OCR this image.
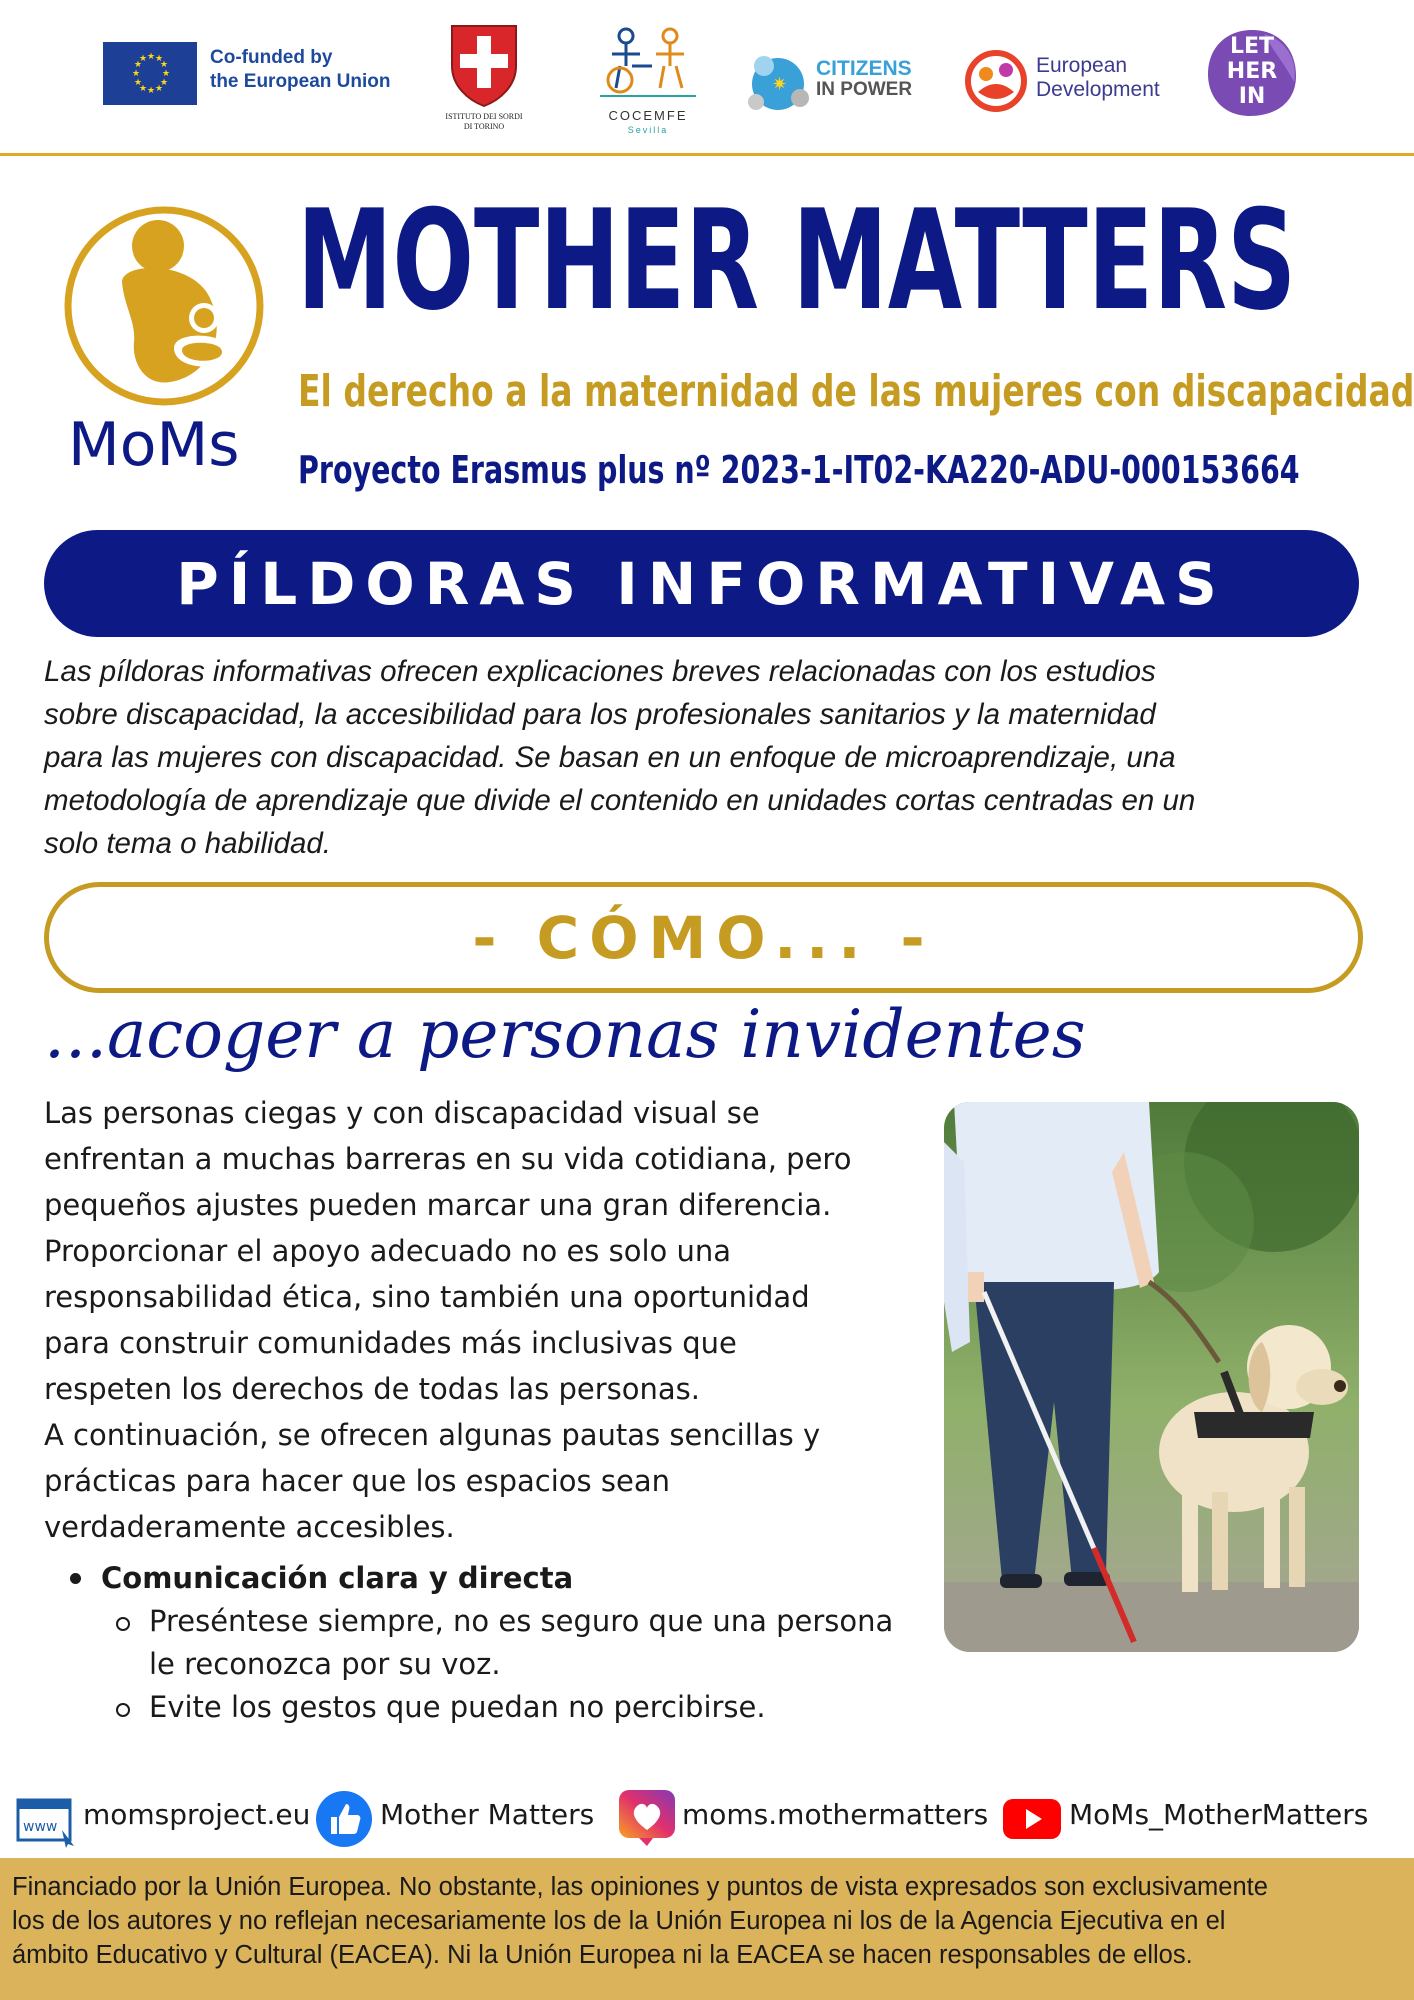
★ ★
★
★
★
★
★
★
★
★
★
★	Co-funded by
the European Union
ISTITUTO DEI SORDI
DI TORINO
COCEMFE
Sevilla
✷
CITIZENS
IN POWER
European
Development
LET
HER
IN
MoMs
MOTHER MATTERS
El derecho a la maternidad de las mujeres con discapacidad
Proyecto Erasmus plus nº 2023-1-IT02-KA220-ADU-000153664
PÍLDORAS INFORMATIVAS
Las píldoras informativas ofrecen explicaciones breves relacionadas con los estudios
sobre discapacidad, la accesibilidad para los profesionales sanitarios y la maternidad
para las mujeres con discapacidad. Se basan en un enfoque de microaprendizaje, una
metodología de aprendizaje que divide el contenido en unidades cortas centradas en un
solo tema o habilidad.
- CÓMO... -
...acoger a personas invidentes

Las personas ciegas y con discapacidad visual se

enfrentan a muchas barreras en su vida cotidiana, pero

pequeños ajustes pueden marcar una gran diferencia.

Proporcionar el apoyo adecuado no es solo una

responsabilidad ética, sino también una oportunidad

para construir comunidades más inclusivas que

respeten los derechos de todas las personas.

A continuación, se ofrecen algunas pautas sencillas y

prácticas para hacer que los espacios sean

verdaderamente accesibles.

Comunicación clara y directa
Preséntese siempre, no es seguro que una persona
le reconozca por su voz.
Evite los gestos que puedan no percibirse.
www momsproject.eu Mother Matters	moms.mothermatters	MoMs_MotherMatters
Financiado por la Unión Europea. No obstante, las opiniones y puntos de vista expresados son exclusivamente
los de los autores y no reflejan necesariamente los de la Unión Europea ni los de la Agencia Ejecutiva en el
ámbito Educativo y Cultural (EACEA). Ni la Unión Europea ni la EACEA se hacen responsables de ellos.
